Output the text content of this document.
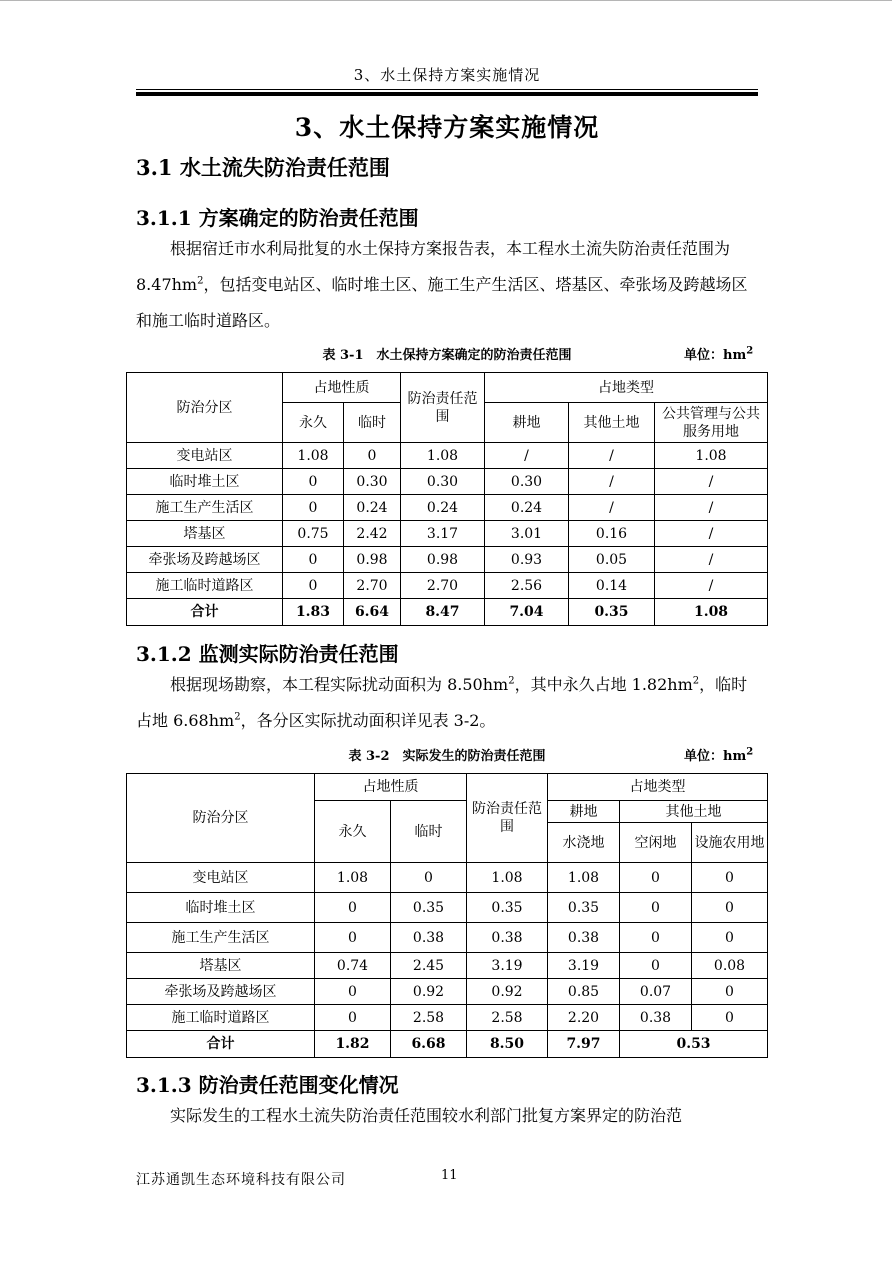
3、水土保持方案实施情况
3、水土保持方案实施情况
3.1 水土流失防治责任范围
3.1.1 方案确定的防治责任范围
根据宿迁市水利局批复的水土保持方案报告表，本工程水土流失防治责任范围为 $8.47hm^2$，包括变电站区、临时堆土区、施工生产生活区、塔基区、牵张场及跨越场区和施工临时道路区。
表 3-1　水土保持方案确定的防治责任范围	单位：$hm^2$
防治分区	占地性质		防治责任范围	占地类型		
	永久	临时		耕地	其他土地	公共管理与公共服务用地
变电站区	1.08	0	1.08	/	/	1.08
临时堆土区	0	0.30	0.30	0.30	/	/
施工生产生活区	0	0.24	0.24	0.24	/	/
塔基区	0.75	2.42	3.17	3.01	0.16	/
牵张场及跨越场区	0	0.98	0.98	0.93	0.05	/
施工临时道路区	0	2.70	2.70	2.56	0.14	/
合计	1.83	6.64	8.47	7.04	0.35	1.08
3.1.2 监测实际防治责任范围
根据现场勘察，本工程实际扰动面积为 $8.50hm^2$，其中永久占地 $1.82hm^2$，临时占地 $6.68hm^2$，各分区实际扰动面积详见表 3-2。
表 3-2　实际发生的防治责任范围	单位：$hm^2$
防治分区	占地性质		防治责任范围	占地类型		
	永久	临时		耕地	其他土地	
				水浇地	空闲地	设施农用地
变电站区	1.08	0	1.08	1.08	0	0
临时堆土区	0	0.35	0.35	0.35	0	0
施工生产生活区	0	0.38	0.38	0.38	0	0
塔基区	0.74	2.45	3.19	3.19	0	0.08
牵张场及跨越场区	0	0.92	0.92	0.85	0.07	0
施工临时道路区	0	2.58	2.58	2.20	0.38	0
合计	1.82	6.68	8.50	7.97	0.53	
3.1.3 防治责任范围变化情况
实际发生的工程水土流失防治责任范围较水利部门批复方案界定的防治范
江苏通凯生态环境科技有限公司	11
